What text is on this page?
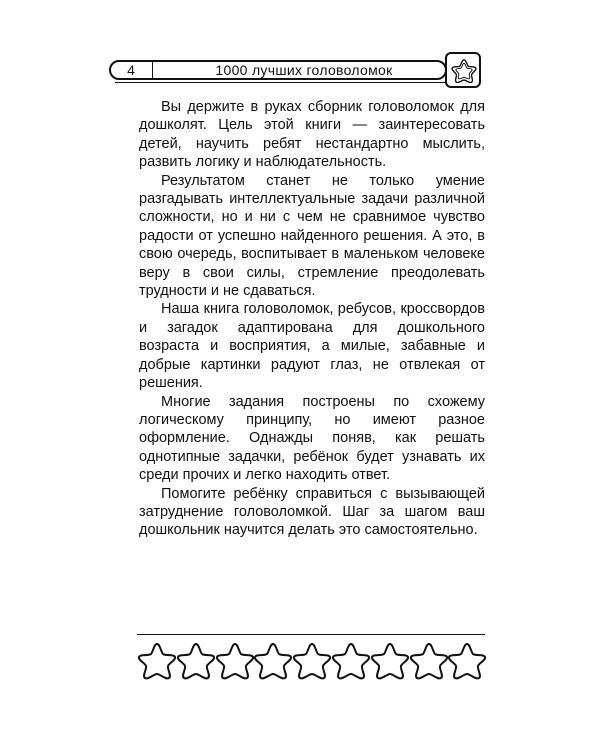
4	1000 лучших головоломок

Вы держите в руках сборник головоломок для дошколят. Цель этой книги — заинтересовать детей, научить ребят нестандартно мыслить, развить логику и наблюдательность.

Результатом станет не только умение разгадывать интеллектуальные задачи различной сложности, но и ни с чем не сравнимое чувство радости от успешно найденного решения. А это, в свою очередь, воспитывает в маленьком человеке веру в свои силы, стремление преодолевать трудности и не сдаваться.

Наша книга головоломок, ребусов, кроссвордов и загадок адаптирована для дошкольного возраста и восприятия, а милые, забавные и добрые картинки радуют глаз, не отвлекая от решения.

Многие задания построены по схожему логическому принципу, но имеют разное оформление. Однажды поняв, как решать однотипные задачки, ребёнок будет узнавать их среди прочих и легко находить ответ.

Помогите ребёнку справиться с вызывающей затруднение головоломкой. Шаг за шагом ваш дошкольник научится делать это самостоятельно.
